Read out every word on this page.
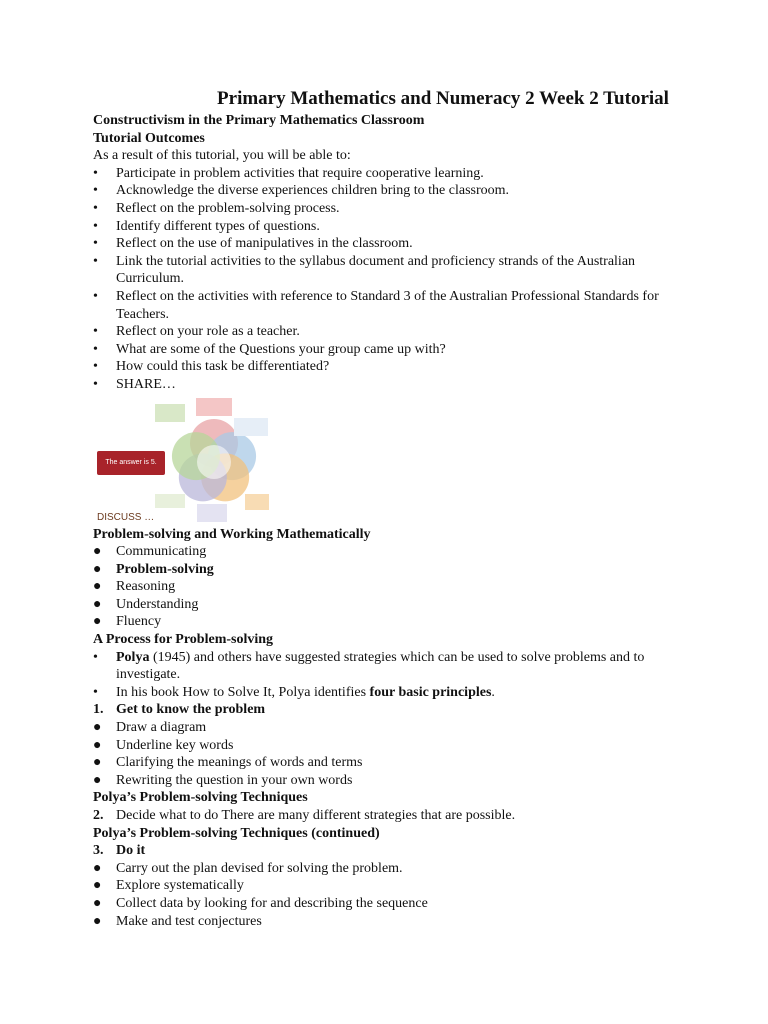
Primary Mathematics and Numeracy 2 Week 2 Tutorial
Constructivism in the Primary Mathematics Classroom
Tutorial Outcomes
As a result of this tutorial, you will be able to:
•	Participate in problem activities that require cooperative learning.
•	Acknowledge the diverse experiences children bring to the classroom.
•	Reflect on the problem-solving process.
•	Identify different types of questions.
•	Reflect on the use of manipulatives in the classroom.
•	Link the tutorial activities to the syllabus document and proficiency strands of the Australian Curriculum.
•	Reflect on the activities with reference to Standard 3 of the Australian Professional Standards for Teachers.
•	Reflect on your role as a teacher.
•	What are some of the Questions your group came up with?
•	How could this task be differentiated?
•	SHARE…
The answer is 5.
DISCUSS …
Problem-solving and Working Mathematically
●	Communicating
●	Problem-solving
●	Reasoning
●	Understanding
●	Fluency
A Process for Problem-solving
•	Polya (1945) and others have suggested strategies which can be used to solve problems and to investigate.
•	In his book How to Solve It, Polya identifies four basic principles.
1. Get to know the problem
●	Draw a diagram
●	Underline key words
●	Clarifying the meanings of words and terms
●	Rewriting the question in your own words
Polya’s Problem-solving Techniques
2. Decide what to do There are many different strategies that are possible.
Polya’s Problem-solving Techniques (continued)
3. Do it
●	Carry out the plan devised for solving the problem.
●	Explore systematically
●	Collect data by looking for and describing the sequence
●	Make and test conjectures
